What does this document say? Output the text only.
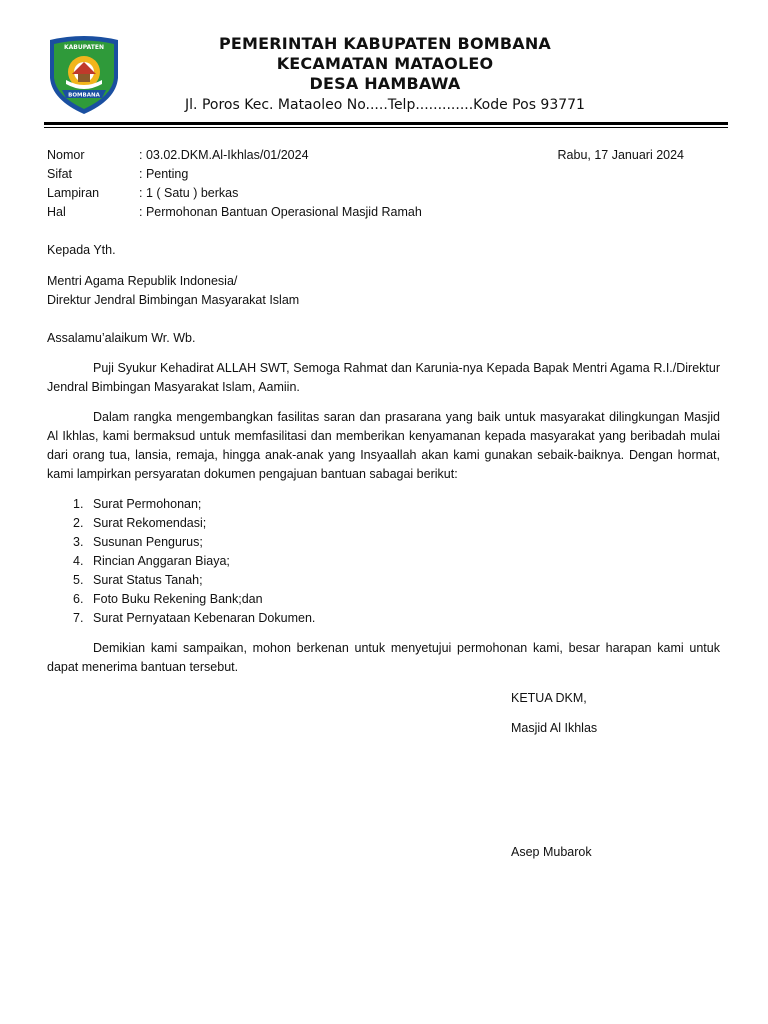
KABUPATEN
BOMBANA
PEMERINTAH KABUPATEN BOMBANA
KECAMATAN MATAOLEO
DESA HAMBAWA
Jl. Poros Kec. Mataoleo No.....Telp.............Kode Pos 93771
Rabu, 17 Januari 2024
Nomor	: 03.02.DKM.Al-Ikhlas/01/2024
Sifat	: Penting
Lampiran	: 1 ( Satu ) berkas
Hal	: Permohonan Bantuan Operasional Masjid Ramah

Kepada Yth.

Mentri Agama Republik Indonesia/

Direktur Jendral Bimbingan Masyarakat Islam

Assalamu’alaikum Wr. Wb.

Puji Syukur Kehadirat ALLAH SWT, Semoga Rahmat dan Karunia-nya Kepada Bapak Mentri Agama R.I./Direktur Jendral Bimbingan Masyarakat Islam, Aamiin.

Dalam rangka mengembangkan fasilitas saran dan prasarana yang baik untuk masyarakat dilingkungan Masjid Al Ikhlas, kami bermaksud untuk memfasilitasi dan memberikan kenyamanan kepada masyarakat yang beribadah mulai dari orang tua, lansia, remaja, hingga anak-anak yang Insyaallah akan kami gunakan sebaik-baiknya. Dengan hormat, kami lampirkan persyaratan dokumen pengajuan bantuan sabagai berikut:

1. Surat Permohonan;
2. Surat Rekomendasi;
3. Susunan Pengurus;
4. Rincian Anggaran Biaya;
5. Surat Status Tanah;
6. Foto Buku Rekening Bank;dan
7. Surat Pernyataan Kebenaran Dokumen.

Demikian kami sampaikan, mohon berkenan untuk menyetujui permohonan kami, besar harapan kami untuk dapat menerima bantuan tersebut.

KETUA DKM,
Masjid Al Ikhlas
Asep Mubarok
